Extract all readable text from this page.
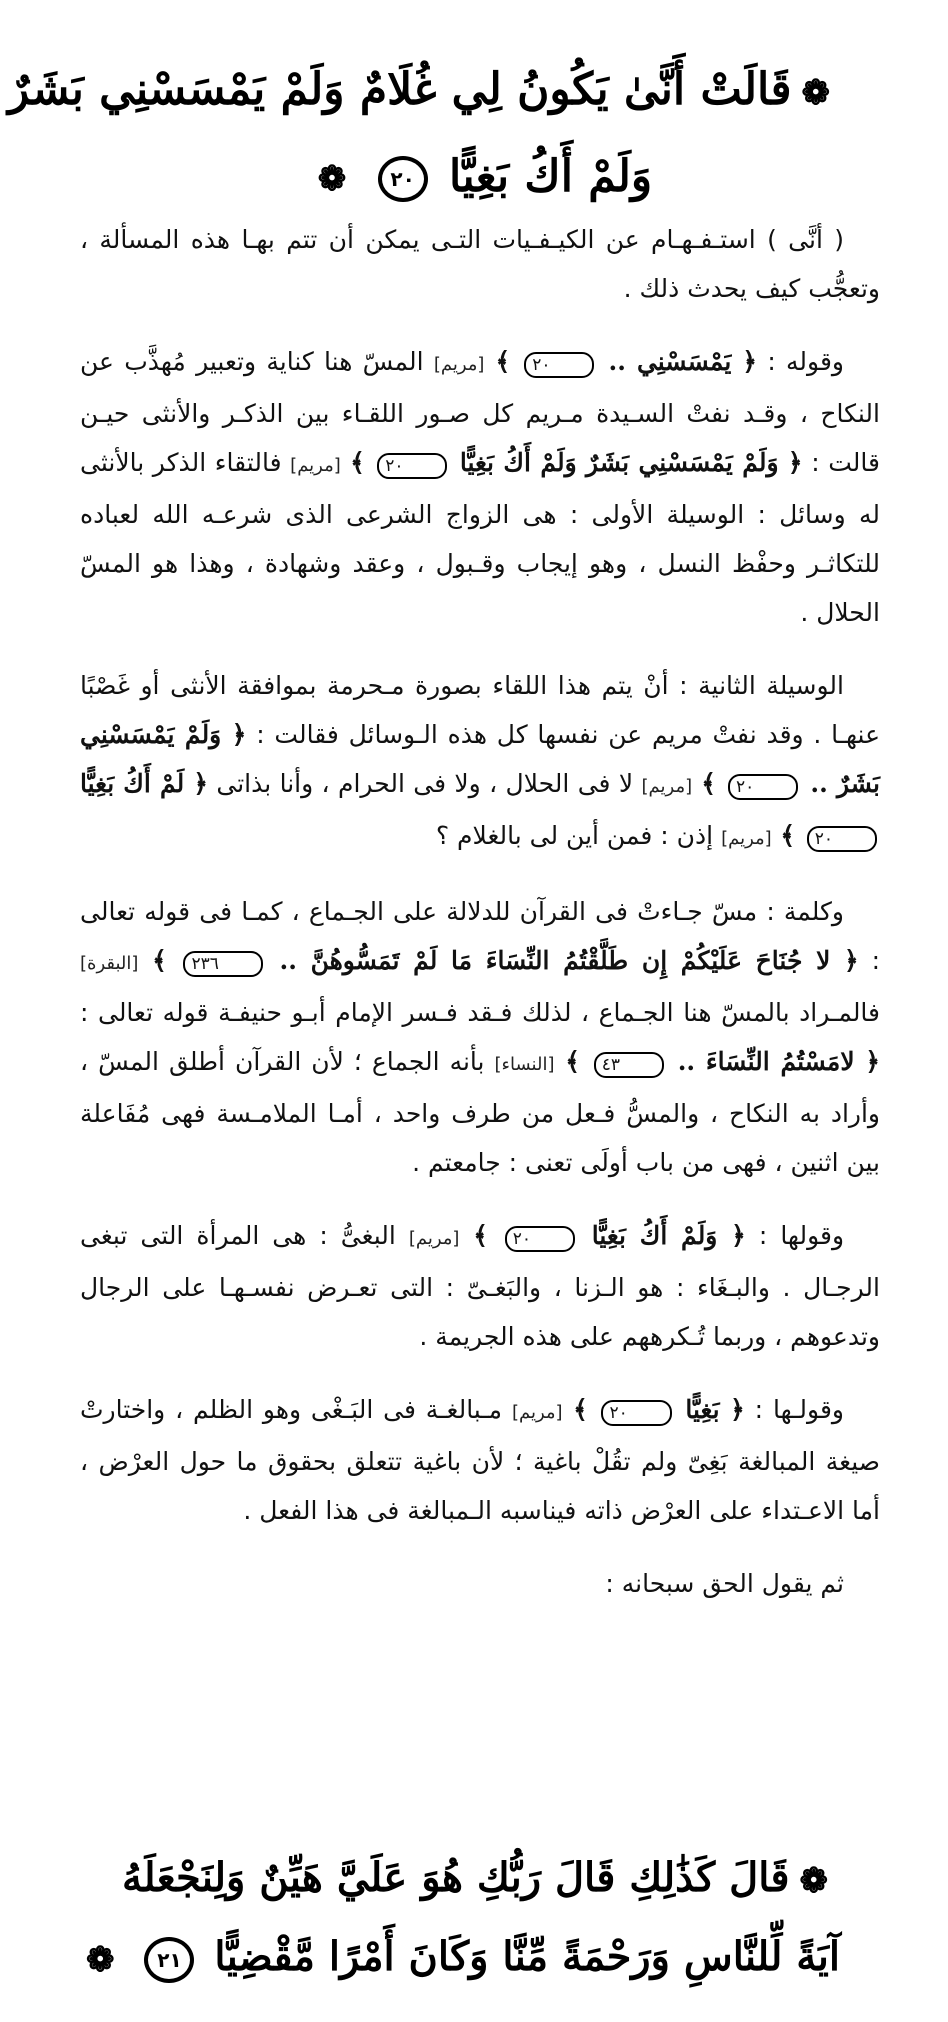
❁قَالَتْ أَنَّىٰ يَكُونُ لِي غُلَامٌ وَلَمْ يَمْسَسْنِي بَشَرٌ
وَلَمْ أَكُ بَغِيًّا ٢٠ ❁

( أنَّى ) استـفـهـام عن الكيـفـيات التـى يمكن أن تتم بهـا هذه المسألة ، وتعجُّب كيف يحدث ذلك .

وقوله : ﴿ يَمْسَسْنِي .. ٢٠ ﴾ [مريم] المسّ هنا كناية وتعبير مُهذَّب عن النكاح ، وقـد نفتْ السـيدة مـريم كل صـور اللقـاء بين الذكـر والأنثى حيـن قالت : ﴿ وَلَمْ يَمْسَسْنِي بَشَرٌ وَلَمْ أَكُ بَغِيًّا ٢٠ ﴾ [مريم] فالتقاء الذكر بالأنثى له وسائل : الوسيلة الأولى : هى الزواج الشرعى الذى شرعـه الله لعباده للتكاثـر وحفْظ النسل ، وهو إيجاب وقـبول ، وعقد وشهادة ، وهذا هو المسّ الحلال .

الوسيلة الثانية : أنْ يتم هذا اللقاء بصورة مـحرمة بموافقة الأنثى أو غَصْبًا عنهـا . وقد نفتْ مريم عن نفسها كل هذه الـوسائل فقالت : ﴿ وَلَمْ يَمْسَسْنِي بَشَرٌ .. ٢٠ ﴾ [مريم] لا فى الحلال ، ولا فى الحرام ، وأنا بذاتى ﴿ لَمْ أَكُ بَغِيًّا ٢٠ ﴾ [مريم] إذن : فمن أين لى بالغلام ؟

وكلمة : مسّ جـاءتْ فى القرآن للدلالة على الجـماع ، كمـا فى قوله تعالى : ﴿ لا جُنَاحَ عَلَيْكُمْ إِن طَلَّقْتُمُ النِّسَاءَ مَا لَمْ تَمَسُّوهُنَّ .. ٢٣٦ ﴾ [البقرة] فالمـراد بالمسّ هنا الجـماع ، لذلك فـقد فـسر الإمام أبـو حنيفـة قوله تعالى : ﴿ لامَسْتُمُ النِّسَاءَ .. ٤٣ ﴾ [النساء] بأنه الجماع ؛ لأن القرآن أطلق المسّ ، وأراد به النكاح ، والمسُّ فـعل من طرف واحد ، أمـا الملامـسة فهى مُفَاعلة بين اثنين ، فهى من باب أولَى تعنى : جامعتم .

وقولها : ﴿ وَلَمْ أَكُ بَغِيًّا ٢٠ ﴾ [مريم] البغىُّ : هى المرأة التى تبغى الرجـال . والبـغَاء : هو الـزنا ، والبَغـىّ : التى تعـرض نفسـهـا على الرجال وتدعوهم ، وربما تُـكرههم على هذه الجريمة .

وقولـها : ﴿ بَغِيًّا ٢٠ ﴾ [مريم] مـبالغـة فى البَـغْى وهو الظلم ، واختارتْ صيغة المبالغة بَغِىّ ولم تقُلْ باغية ؛ لأن باغية تتعلق بحقوق ما حول العرْض ، أما الاعـتداء على العرْض ذاته فيناسبه الـمبالغة فى هذا الفعل .

ثم يقول الحق سبحانه :

❁قَالَ كَذَٰلِكِ قَالَ رَبُّكِ هُوَ عَلَيَّ هَيِّنٌ وَلِنَجْعَلَهُ
آيَةً لِّلنَّاسِ وَرَحْمَةً مِّنَّا وَكَانَ أَمْرًا مَّقْضِيًّا ٢١ ❁
